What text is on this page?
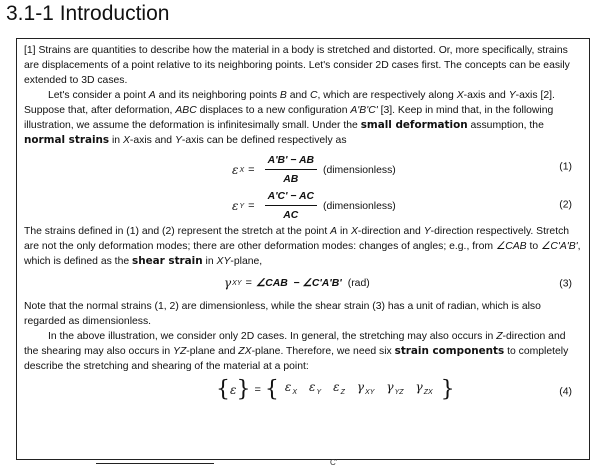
3.1-1 Introduction

[1] Strains are quantities to describe how the material in a body is stretched and distorted. Or, more specifically, strains are displacements of a point relative to its neighboring points. Let's consider 2D cases first. The concepts can be easily extended to 3D cases.

Let's consider a point A and its neighboring points B and C, which are respectively along X-axis and Y-axis [2]. Suppose that, after deformation, ABC displaces to a new configuration A'B'C' [3]. Keep in mind that, in the following illustration, we assume the deformation is infinitesimally small. Under the small deformation assumption, the normal strains in X-axis and Y-axis can be defined respectively as

ε $X = \frac{A'B' - AB}{AB}$ (dimensionless)	(1)
ε $Y = \frac{A'C' - AC}{AC}$ (dimensionless)	(2)

The strains defined in (1) and (2) represent the stretch at the point A in X-direction and Y-direction respectively. Stretch are not the only deformation modes; there are other deformation modes: changes of angles; e.g., from ∠CAB to ∠C'A'B', which is defined as the shear strain in XY-plane,

γ XY = ∠CAB  − ∠C'A'B' (rad)	(3)

Note that the normal strains (1, 2) are dimensionless, while the shear strain (3) has a unit of radian, which is also regarded as dimensionless.

In the above illustration, we consider only 2D cases. In general, the stretching may also occurs in Z-direction and the shearing may also occurs in YZ-plane and ZX-plane. Therefore, we need six strain components to completely describe the stretching and shearing of the material at a point:

{ ε } = { $\varepsilon_X$ $\varepsilon_Y$ $\varepsilon_Z$ $\gamma_{XY}$ $\gamma_{YZ}$ $\gamma_{ZX}$ }	(4)
C'
